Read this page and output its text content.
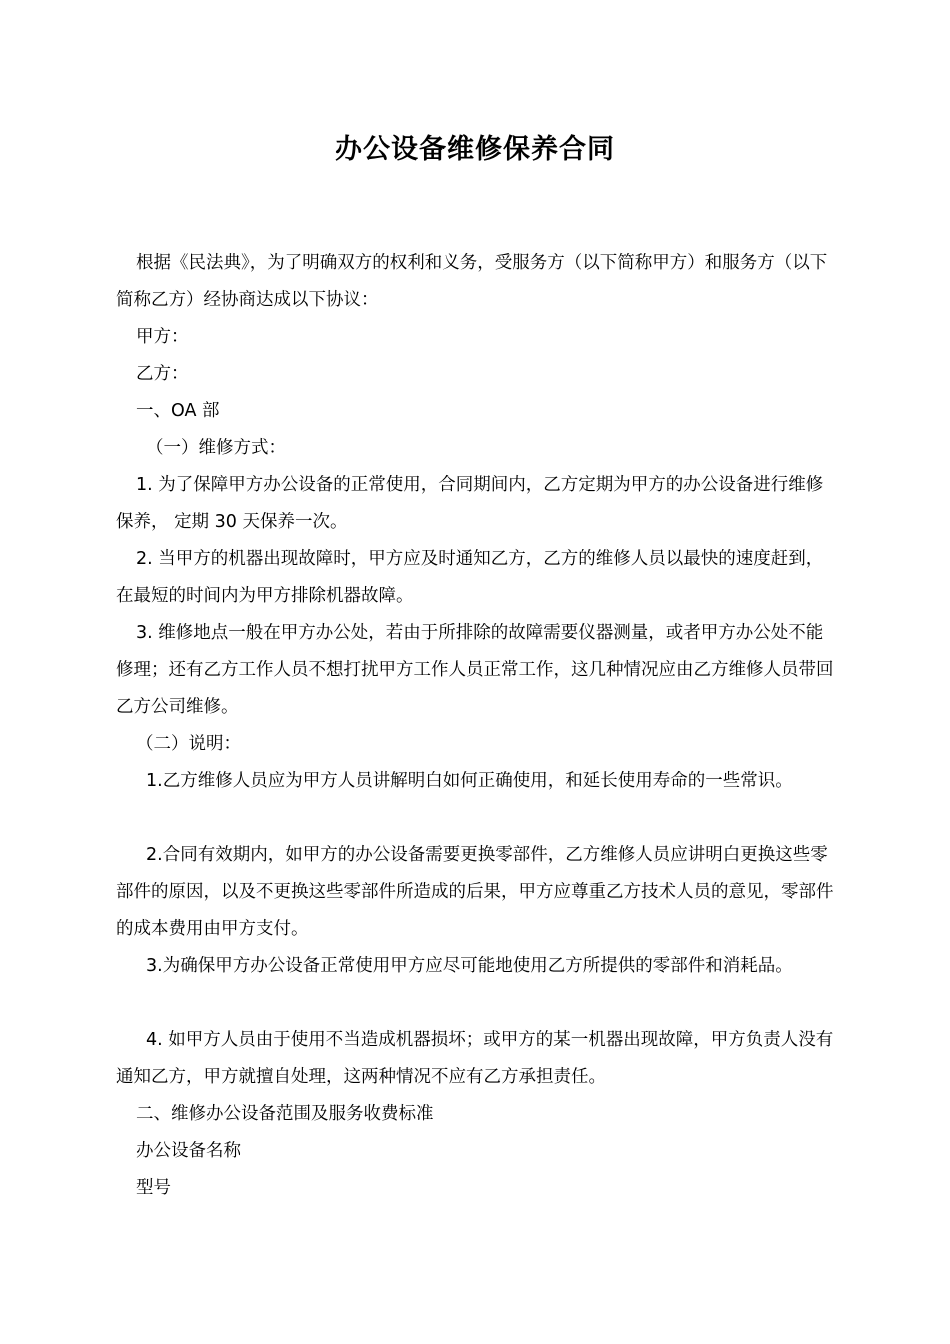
办公设备维修保养合同

根据《民法典》，为了明确双方的权利和义务，受服务方（以下简称甲方）和服务方（以下简称乙方）经协商达成以下协议：

甲方：

乙方：

一、OA 部

（一）维修方式：

1. 为了保障甲方办公设备的正常使用，合同期间内，乙方定期为甲方的办公设备进行维修保养， 定期 30 天保养一次。

2. 当甲方的机器出现故障时，甲方应及时通知乙方，乙方的维修人员以最快的速度赶到，在最短的时间内为甲方排除机器故障。

3. 维修地点一般在甲方办公处，若由于所排除的故障需要仪器测量，或者甲方办公处不能修理；还有乙方工作人员不想打扰甲方工作人员正常工作，这几种情况应由乙方维修人员带回乙方公司维修。

（二）说明：

1.乙方维修人员应为甲方人员讲解明白如何正确使用，和延长使用寿命的一些常识。

2.合同有效期内，如甲方的办公设备需要更换零部件，乙方维修人员应讲明白更换这些零部件的原因，以及不更换这些零部件所造成的后果，甲方应尊重乙方技术人员的意见，零部件的成本费用由甲方支付。

3.为确保甲方办公设备正常使用甲方应尽可能地使用乙方所提供的零部件和消耗品。

4. 如甲方人员由于使用不当造成机器损坏；或甲方的某一机器出现故障，甲方负责人没有通知乙方，甲方就擅自处理，这两种情况不应有乙方承担责任。

二、维修办公设备范围及服务收费标准

办公设备名称

型号
